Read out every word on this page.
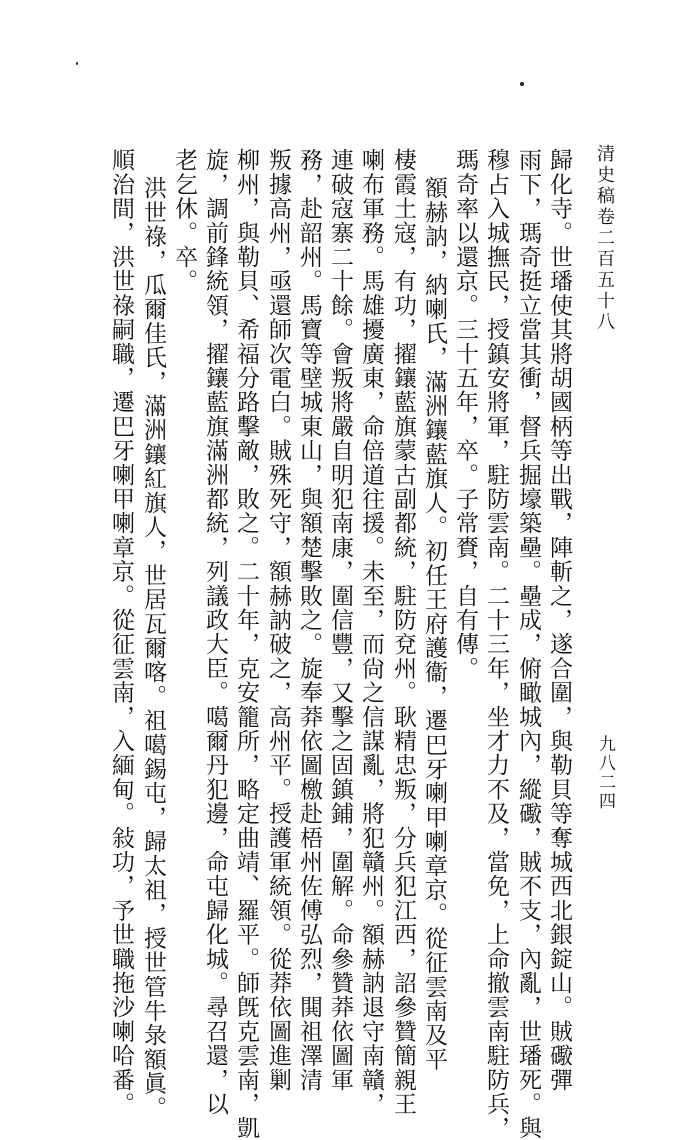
清史稿卷二百五十八
九八二四
歸化寺。世璠使其將胡國柄等出戰，陣斬之，遂合圍，與勒貝等奪城西北銀錠山。賊礮彈
雨下，瑪奇挺立當其衝，督兵掘壕築壘。壘成，俯瞰城內，縱礮，賊不支，內亂，世璠死。與
穆占入城撫民，授鎮安將軍，駐防雲南。二十三年，坐才力不及，當免，上命撤雲南駐防兵，
瑪奇率以還京。三十五年，卒。子常賚，自有傳。
額赫訥，納喇氏，滿洲鑲藍旗人。初任王府護衞，遷巴牙喇甲喇章京。從征雲南及平
棲霞土寇，有功，擢鑲藍旗蒙古副都統，駐防兗州。耿精忠叛，分兵犯江西，詔參贊簡親王
喇布軍務。馬雄擾廣東，命倍道往援。未至，而尙之信謀亂，將犯贛州。額赫訥退守南贛，
連破寇寨二十餘。會叛將嚴自明犯南康，圍信豐，又擊之固鎮鋪，圍解。命參贊莽依圖軍
務，赴韶州。馬寶等壁城東山，與額楚擊敗之。旋奉莽依圖檄赴梧州佐傅弘烈，閧祖澤清
叛據高州，亟還師次電白。賊殊死守，額赫訥破之，高州平。授護軍統領。從莽依圖進剿
柳州，與勒貝、希福分路擊敵，敗之。二十年，克安籠所，略定曲靖、羅平。師旣克雲南，凱
旋，調前鋒統領，擢鑲藍旗滿洲都統，列議政大臣。噶爾丹犯邊，命屯歸化城。尋召還，以
老乞休。卒。
洪世祿，瓜爾佳氏，滿洲鑲紅旗人，世居瓦爾喀。祖噶錫屯，歸太祖，授世管牛彔額眞。
順治間，洪世祿嗣職，遷巴牙喇甲喇章京。從征雲南，入緬甸。敍功，予世職拖沙喇哈番。
